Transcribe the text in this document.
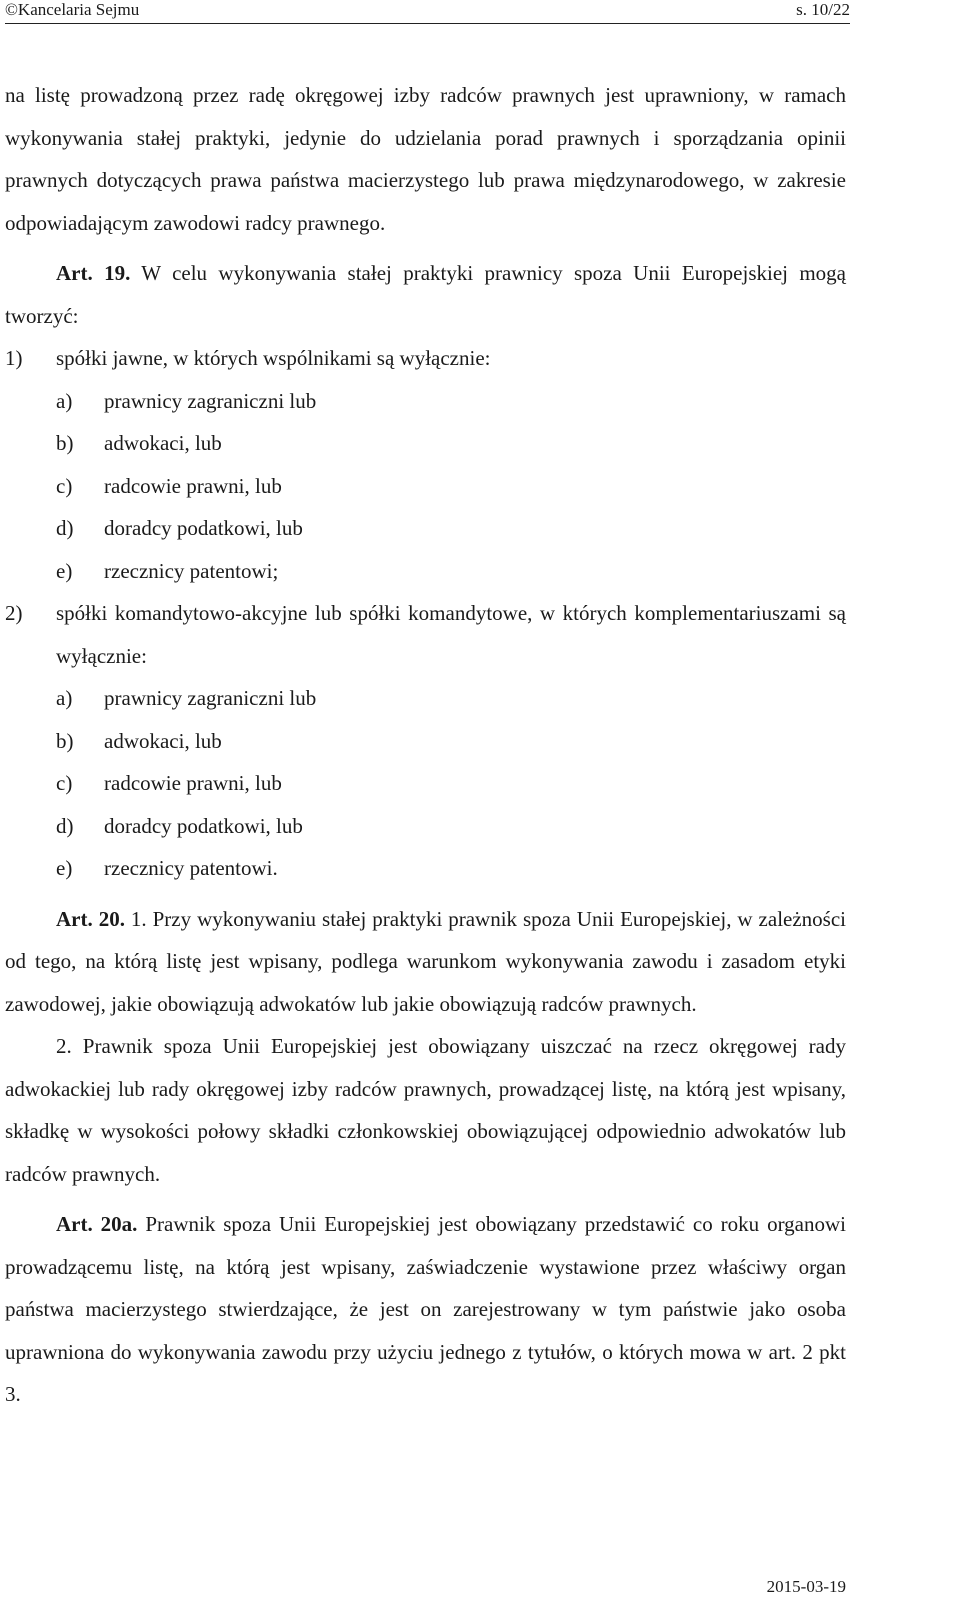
©Kancelaria Sejmu	s. 10/22

na listę prowadzoną przez radę okręgowej izby radców prawnych jest uprawniony, w ramach wykonywania stałej praktyki, jedynie do udzielania porad prawnych i sporządzania opinii prawnych dotyczących prawa państwa macierzystego lub prawa międzynarodowego, w zakresie odpowiadającym zawodowi radcy prawnego.

Art. 19. W celu wykonywania stałej praktyki prawnicy spoza Unii Europejskiej mogą tworzyć:

1)	spółki jawne, w których wspólnikami są wyłącznie:
a)	prawnicy zagraniczni lub
b)	adwokaci, lub
c)	radcowie prawni, lub
d)	doradcy podatkowi, lub
e)	rzecznicy patentowi;
2)	spółki komandytowo-akcyjne lub spółki komandytowe, w których komplementariuszami są wyłącznie:
a)	prawnicy zagraniczni lub
b)	adwokaci, lub
c)	radcowie prawni, lub
d)	doradcy podatkowi, lub
e)	rzecznicy patentowi.

Art. 20. 1. Przy wykonywaniu stałej praktyki prawnik spoza Unii Europejskiej, w zależności od tego, na którą listę jest wpisany, podlega warunkom wykonywania zawodu i zasadom etyki zawodowej, jakie obowiązują adwokatów lub jakie obowiązują radców prawnych.

2. Prawnik spoza Unii Europejskiej jest obowiązany uiszczać na rzecz okręgowej rady adwokackiej lub rady okręgowej izby radców prawnych, prowadzącej listę, na którą jest wpisany, składkę w wysokości połowy składki członkowskiej obowiązującej odpowiednio adwokatów lub radców prawnych.

Art. 20a. Prawnik spoza Unii Europejskiej jest obowiązany przedstawić co roku organowi prowadzącemu listę, na którą jest wpisany, zaświadczenie wystawione przez właściwy organ państwa macierzystego stwierdzające, że jest on zarejestrowany w tym państwie jako osoba uprawniona do wykonywania zawodu przy użyciu jednego z tytułów, o których mowa w art. 2 pkt 3.

2015-03-19
